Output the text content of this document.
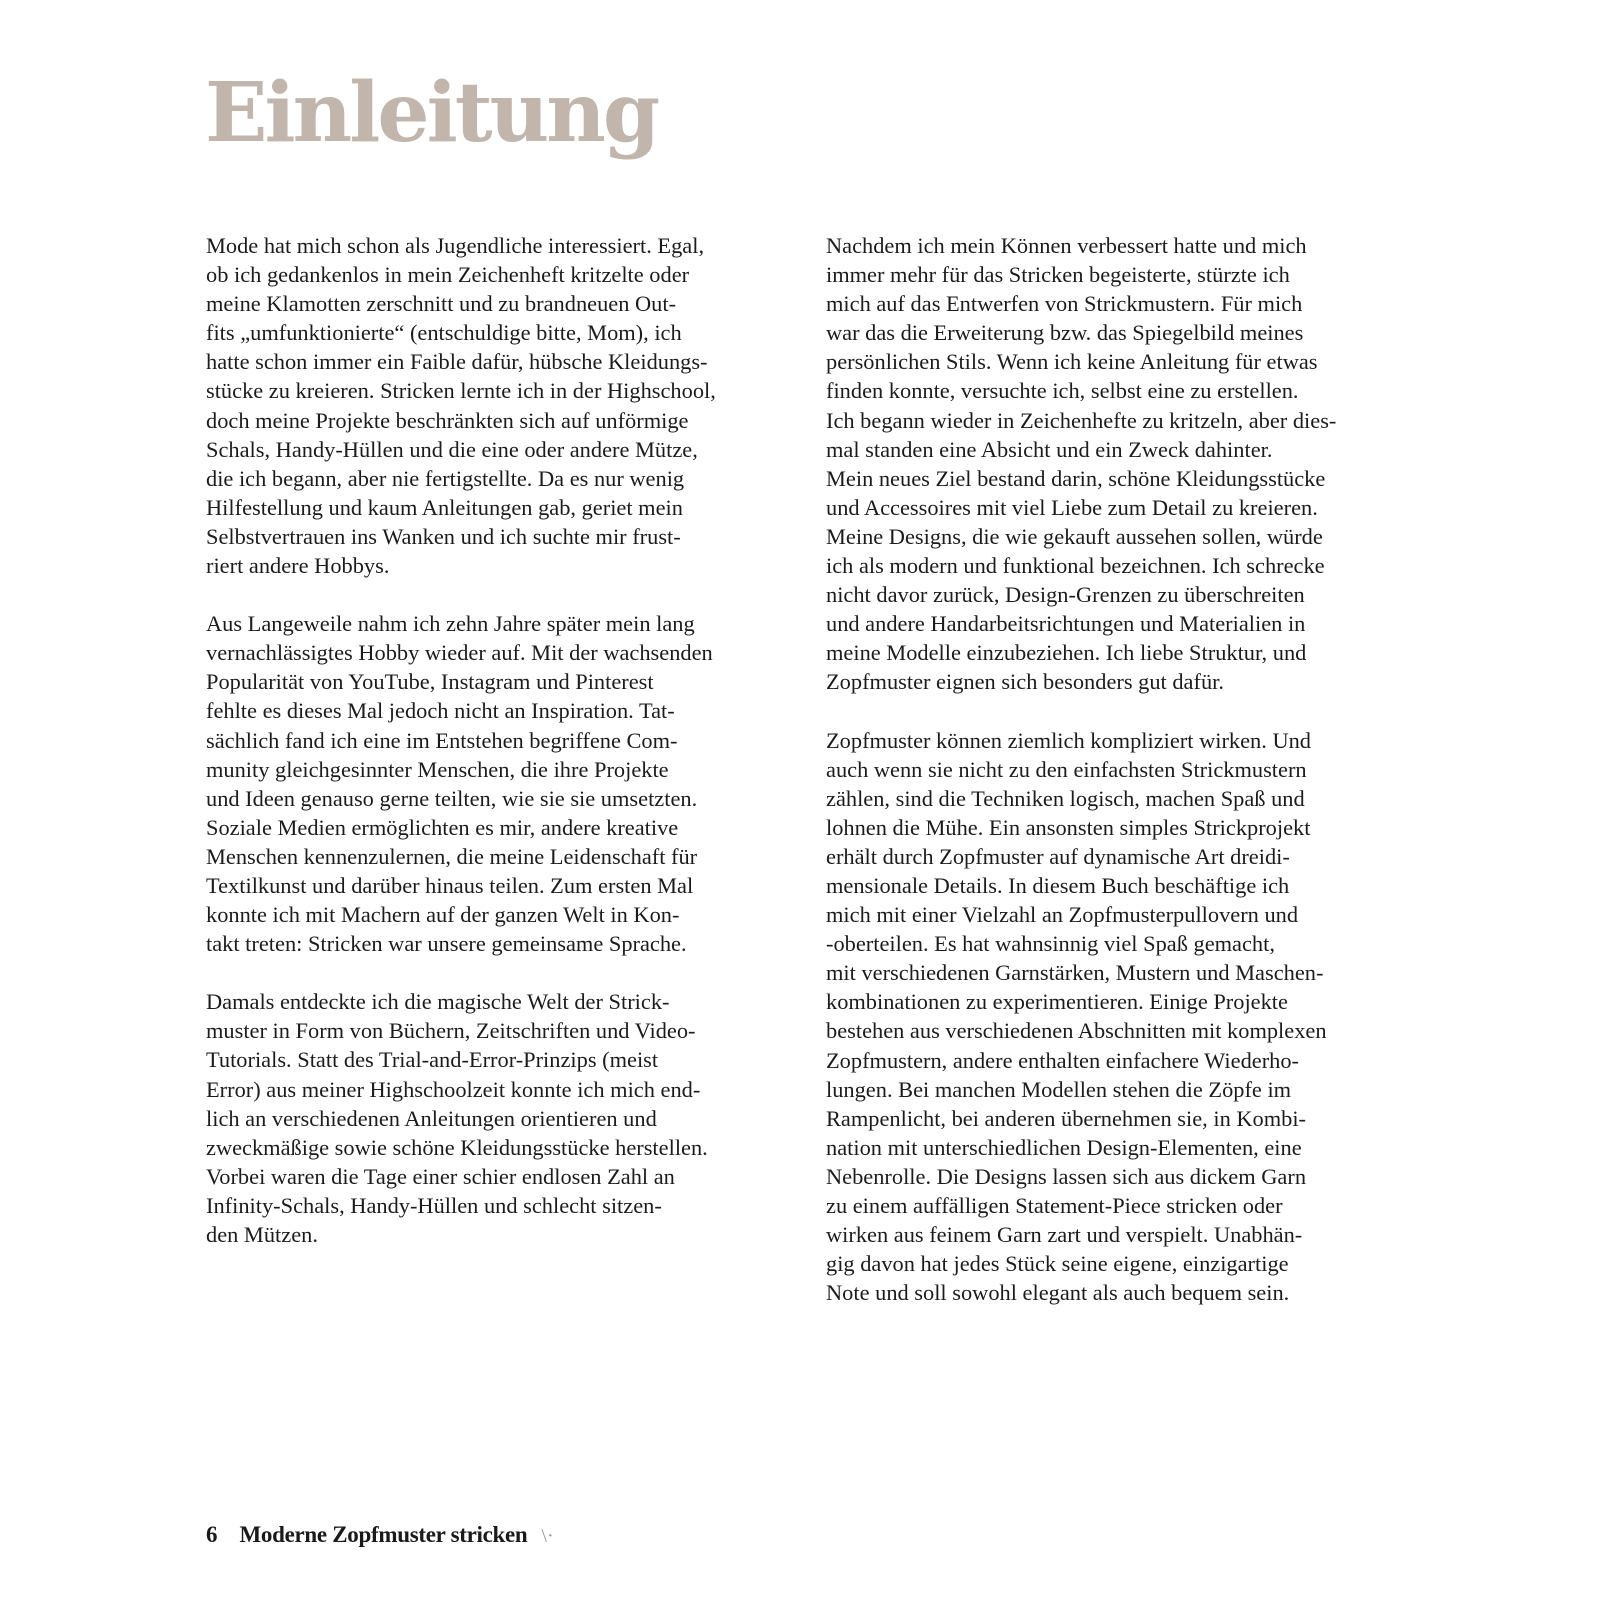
Einleitung

Mode hat mich schon als Jugendliche interessiert. Egal,
ob ich gedankenlos in mein Zeichenheft kritzelte oder
meine Klamotten zerschnitt und zu brandneuen Out-
fits „umfunktionierte“ (entschuldige bitte, Mom), ich
hatte schon immer ein Faible dafür, hübsche Kleidungs-
stücke zu kreieren. Stricken lernte ich in der Highschool,
doch meine Projekte beschränkten sich auf unförmige
Schals, Handy-Hüllen und die eine oder andere Mütze,
die ich begann, aber nie fertigstellte. Da es nur wenig
Hilfestellung und kaum Anleitungen gab, geriet mein
Selbstvertrauen ins Wanken und ich suchte mir frust-
riert andere Hobbys.

Aus Langeweile nahm ich zehn Jahre später mein lang
vernachlässigtes Hobby wieder auf. Mit der wachsenden
Popularität von YouTube, Instagram und Pinterest
fehlte es dieses Mal jedoch nicht an Inspiration. Tat-
sächlich fand ich eine im Entstehen begriffene Com-
munity gleichgesinnter Menschen, die ihre Projekte
und Ideen genauso gerne teilten, wie sie sie umsetzten.
Soziale Medien ermöglichten es mir, andere kreative
Menschen kennenzulernen, die meine Leidenschaft für
Textilkunst und darüber hinaus teilen. Zum ersten Mal
konnte ich mit Machern auf der ganzen Welt in Kon-
takt treten: Stricken war unsere gemeinsame Sprache.

Damals entdeckte ich die magische Welt der Strick-
muster in Form von Büchern, Zeitschriften und Video-
Tutorials. Statt des Trial-and-Error-Prinzips (meist
Error) aus meiner Highschoolzeit konnte ich mich end-
lich an verschiedenen Anleitungen orientieren und
zweckmäßige sowie schöne Kleidungsstücke herstellen.
Vorbei waren die Tage einer schier endlosen Zahl an
Infinity-Schals, Handy-Hüllen und schlecht sitzen-
den Mützen.

Nachdem ich mein Können verbessert hatte und mich
immer mehr für das Stricken begeisterte, stürzte ich
mich auf das Entwerfen von Strickmustern. Für mich
war das die Erweiterung bzw. das Spiegelbild meines
persönlichen Stils. Wenn ich keine Anleitung für etwas
finden konnte, versuchte ich, selbst eine zu erstellen.
Ich begann wieder in Zeichenhefte zu kritzeln, aber dies-
mal standen eine Absicht und ein Zweck dahinter.
Mein neues Ziel bestand darin, schöne Kleidungsstücke
und Accessoires mit viel Liebe zum Detail zu kreieren.
Meine Designs, die wie gekauft aussehen sollen, würde
ich als modern und funktional bezeichnen. Ich schrecke
nicht davor zurück, Design-Grenzen zu überschreiten
und andere Handarbeitsrichtungen und Materialien in
meine Modelle einzubeziehen. Ich liebe Struktur, und
Zopfmuster eignen sich besonders gut dafür.

Zopfmuster können ziemlich kompliziert wirken. Und
auch wenn sie nicht zu den einfachsten Strickmustern
zählen, sind die Techniken logisch, machen Spaß und
lohnen die Mühe. Ein ansonsten simples Strickprojekt
erhält durch Zopfmuster auf dynamische Art dreidi-
mensionale Details. In diesem Buch beschäftige ich
mich mit einer Vielzahl an Zopfmusterpullovern und
-oberteilen. Es hat wahnsinnig viel Spaß gemacht,
mit verschiedenen Garnstärken, Mustern und Maschen-
kombinationen zu experimentieren. Einige Projekte
bestehen aus verschiedenen Abschnitten mit komplexen
Zopfmustern, andere enthalten einfachere Wiederho-
lungen. Bei manchen Modellen stehen die Zöpfe im
Rampenlicht, bei anderen übernehmen sie, in Kombi-
nation mit unterschiedlichen Design-Elementen, eine
Nebenrolle. Die Designs lassen sich aus dickem Garn
zu einem auffälligen Statement-Piece stricken oder
wirken aus feinem Garn zart und verspielt. Unabhän-
gig davon hat jedes Stück seine eigene, einzigartige
Note und soll sowohl elegant als auch bequem sein.

6 Moderne Zopfmuster stricken \·
